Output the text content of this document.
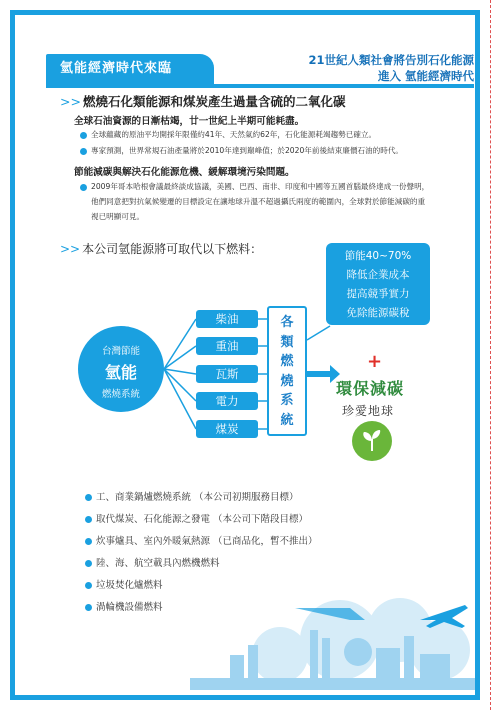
氫能經濟時代來臨
21世紀人類社會將告別石化能源
進入 氫能經濟時代
>> 燃燒石化類能源和煤炭產生過量含硫的二氧化碳
全球石油資源的日漸枯竭，廿一世紀上半期可能耗盡。
全球蘊藏的原油平均開採年限僅約41年、天然氣約62年，石化能源耗竭趨勢已確立。
專家預測，世界常規石油產量將於2010年達到巔峰值；於2020年前後結束廉價石油的時代。
節能減碳與解決石化能源危機、緩解環境污染問題。
2009年哥本哈根會議最終談成協議，美國、巴西、南非、印度和中國等五國首腦最終達成一份聲明，
他們同意把對抗氣候變遷的目標設定在讓地球升溫不超過攝氏兩度的範圍內，全球對於節能減碳的重
視已明顯可見。
>> 本公司氫能源將可取代以下燃料：	節能40~70%
降低企業成本
提高競爭實力
免除能源碳稅
台灣節能
氫能
燃燒系統
柴油
重油
瓦斯
電力
煤炭
各
類
燃
燒
系
統
+
環保減碳
珍愛地球
工、商業鍋爐燃燒系統 （本公司初期服務目標）
取代煤炭、石化能源之發電 （本公司下階段目標）
炊事爐具、室內外暖氣熱源 （已商品化，暫不推出）
陸、海、航空載具內燃機燃料
垃圾焚化爐燃料
渦輪機設備燃料
